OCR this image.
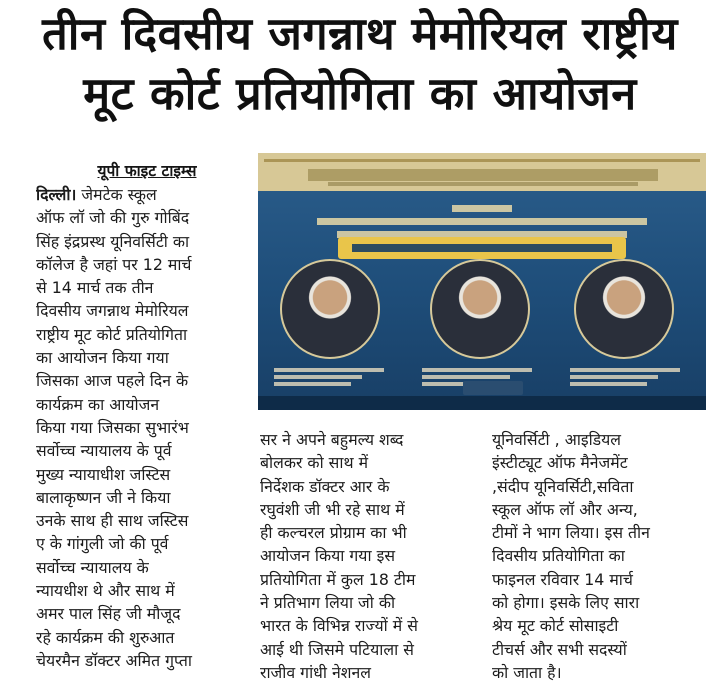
तीन दिवसीय जगन्नाथ मेमोरियल राष्ट्रीय
मूट कोर्ट प्रतियोगिता का आयोजन
यूपी फाइट टाइम्स
दिल्ली। जेमटेक स्कूल
ऑफ लॉ जो की गुरु गोबिंद
सिंह इंद्रप्रस्थ यूनिवर्सिटी का
कॉलेज है जहां पर 12 मार्च
से 14 मार्च तक तीन
दिवसीय जगन्नाथ मेमोरियल
राष्ट्रीय मूट कोर्ट प्रतियोगिता
का आयोजन किया गया
जिसका आज पहले दिन के
कार्यक्रम का आयोजन
किया गया जिसका सुभारंभ
सर्वोच्च न्यायालय के पूर्व
मुख्य न्यायाधीश जस्टिस
बालाकृष्णन जी ने किया
उनके साथ ही साथ जस्टिस
ए के गांगुली जो की पूर्व
सर्वोच्च न्यायालय के
न्यायधीश थे और साथ में
अमर पाल सिंह जी मौजूद
रहे कार्यक्रम की शुरुआत
चेयरमैन डॉक्टर अमित गुप्ता
सर ने अपने बहुमल्य शब्द
बोलकर को साथ में
निर्देशक डॉक्टर आर के
रघुवंशी जी भी रहे साथ में
ही कल्चरल प्रोग्राम का भी
आयोजन किया गया इस
प्रतियोगिता में कुल 18 टीम
ने प्रतिभाग लिया जो की
भारत के विभिन्न राज्यों में से
आई थी जिसमे पटियाला से
राजीव गांधी नेशनल
यूनिवर्सिटी , आइडियल
इंस्टीट्यूट ऑफ मैनेजमेंट
,संदीप यूनिवर्सिटी,सविता
स्कूल ऑफ लॉ और अन्य,
टीमों ने भाग लिया। इस तीन
दिवसीय प्रतियोगिता का
फाइनल रविवार 14 मार्च
को होगा। इसके लिए सारा
श्रेय मूट कोर्ट सोसाइटी
टीचर्स और सभी सदस्यों
को जाता है।
